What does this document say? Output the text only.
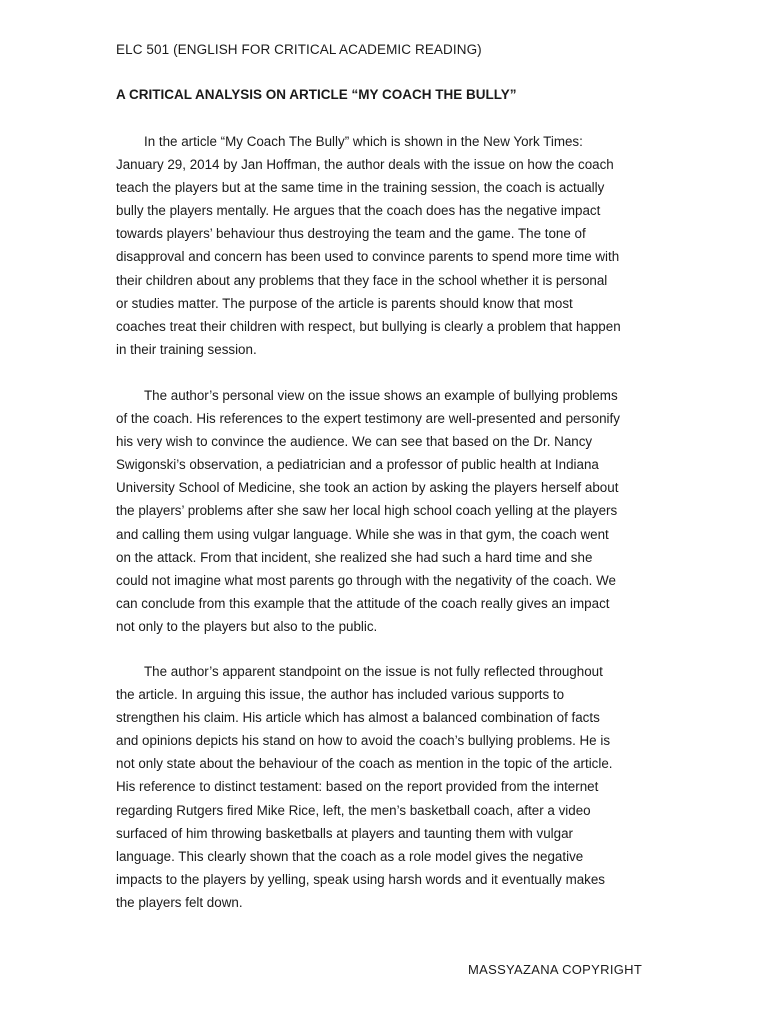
ELC 501 (ENGLISH FOR CRITICAL ACADEMIC READING)
A CRITICAL ANALYSIS ON ARTICLE “MY COACH THE BULLY”

In the article “My Coach The Bully” which is shown in the New York Times:
January 29, 2014 by Jan Hoffman, the author deals with the issue on how the coach
teach the players but at the same time in the training session, the coach is actually
bully the players mentally. He argues that the coach does has the negative impact
towards players’ behaviour thus destroying the team and the game. The tone of
disapproval and concern has been used to convince parents to spend more time with
their children about any problems that they face in the school whether it is personal
or studies matter. The purpose of the article is parents should know that most
coaches treat their children with respect, but bullying is clearly a problem that happen
in their training session.

The author’s personal view on the issue shows an example of bullying problems
of the coach. His references to the expert testimony are well-presented and personify
his very wish to convince the audience. We can see that based on the Dr. Nancy
Swigonski’s observation, a pediatrician and a professor of public health at Indiana
University School of Medicine, she took an action by asking the players herself about
the players’ problems after she saw her local high school coach yelling at the players
and calling them using vulgar language. While she was in that gym, the coach went
on the attack. From that incident, she realized she had such a hard time and she
could not imagine what most parents go through with the negativity of the coach. We
can conclude from this example that the attitude of the coach really gives an impact
not only to the players but also to the public.

The author’s apparent standpoint on the issue is not fully reflected throughout
the article. In arguing this issue, the author has included various supports to
strengthen his claim. His article which has almost a balanced combination of facts
and opinions depicts his stand on how to avoid the coach’s bullying problems. He is
not only state about the behaviour of the coach as mention in the topic of the article.
His reference to distinct testament: based on the report provided from the internet
regarding Rutgers fired Mike Rice, left, the men’s basketball coach, after a video
surfaced of him throwing basketballs at players and taunting them with vulgar
language. This clearly shown that the coach as a role model gives the negative
impacts to the players by yelling, speak using harsh words and it eventually makes
the players felt down.

MASSYAZANA COPYRIGHT
